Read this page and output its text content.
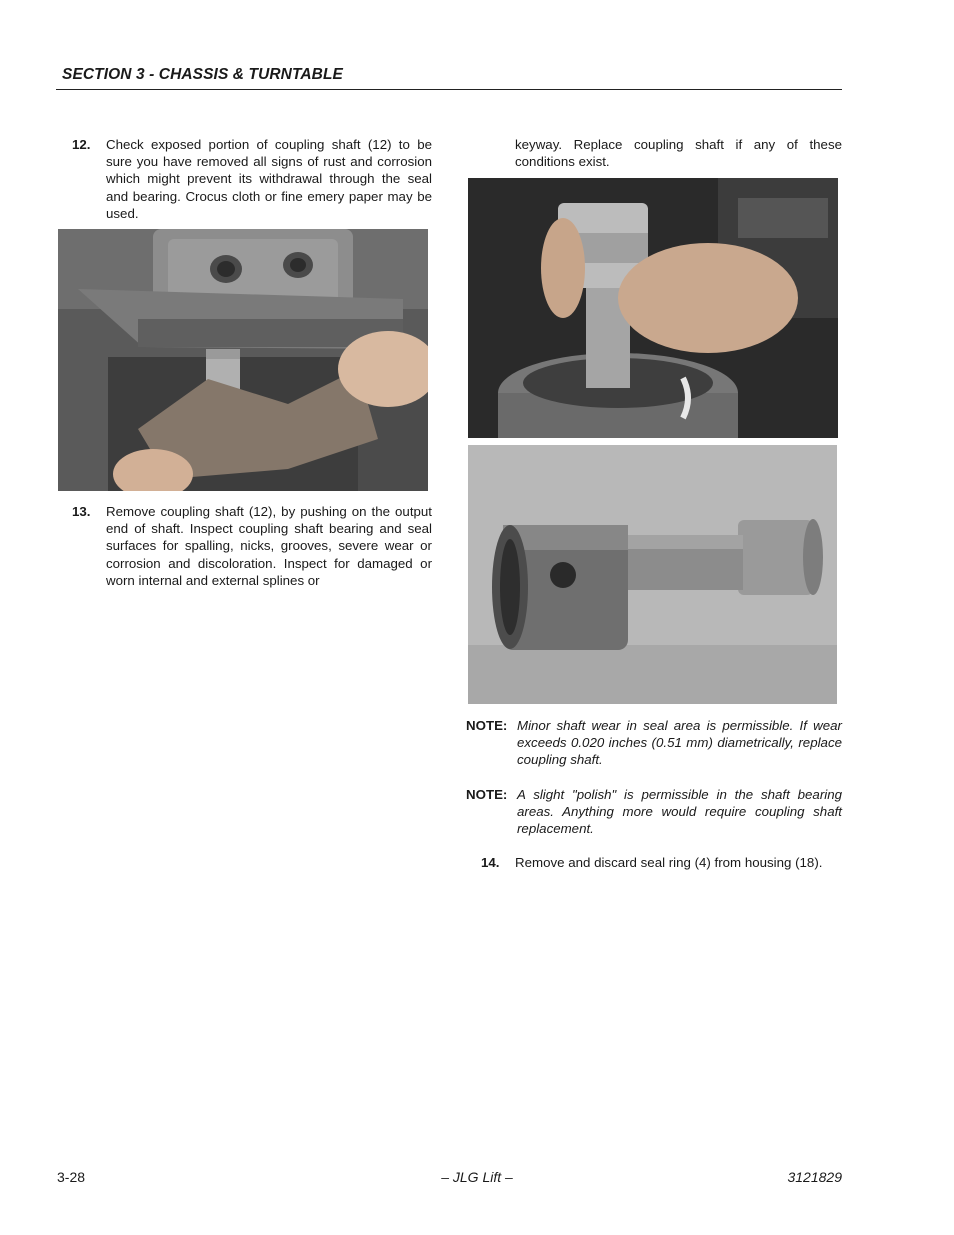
SECTION 3 - CHASSIS & TURNTABLE
12. Check exposed portion of coupling shaft (12) to be sure you have removed all signs of rust and corrosion which might prevent its withdrawal through the seal and bearing. Crocus cloth or fine emery paper may be used.
13. Remove coupling shaft (12), by pushing on the output end of shaft. Inspect coupling shaft bearing and seal surfaces for spalling, nicks, grooves, severe wear or corrosion and discoloration. Inspect for damaged or worn internal and external splines or
keyway. Replace coupling shaft if any of these conditions exist.
NOTE: Minor shaft wear in seal area is permissible. If wear exceeds 0.020 inches (0.51 mm) diametrically, replace coupling shaft.
NOTE: A slight "polish" is permissible in the shaft bearing areas. Anything more would require coupling shaft replacement.
14. Remove and discard seal ring (4) from housing (18).
3-28	– JLG Lift –	3121829
